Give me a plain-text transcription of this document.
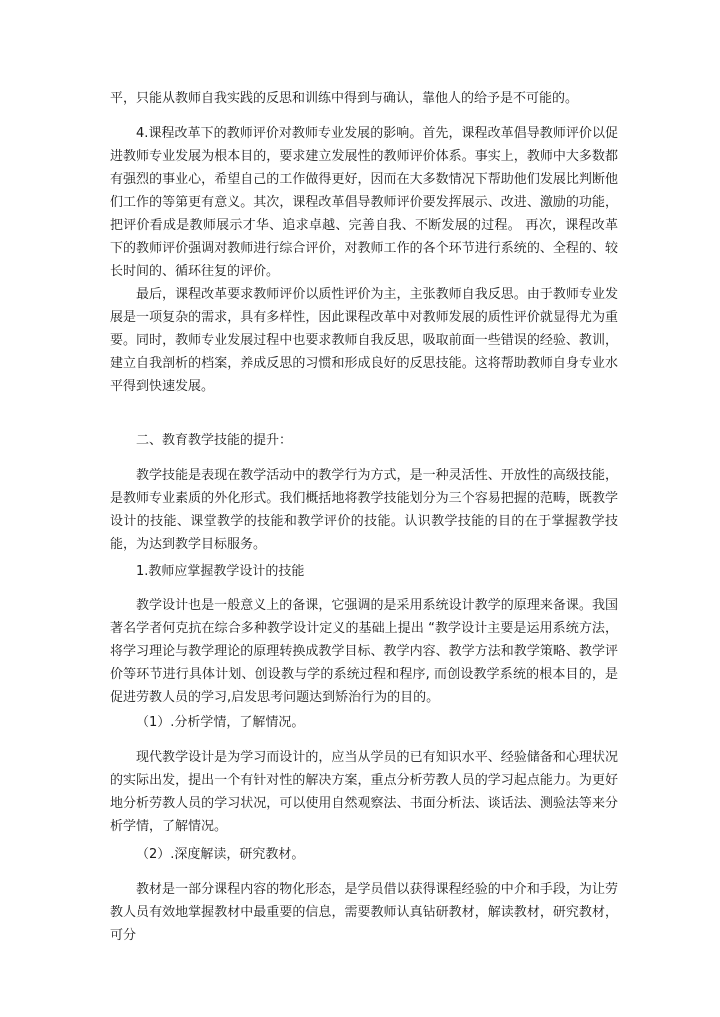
平，只能从教师自我实践的反思和训练中得到与确认，靠他人的给予是不可能的。

4.课程改革下的教师评价对教师专业发展的影响。首先，课程改革倡导教师评价以促进教师专业发展为根本目的，要求建立发展性的教师评价体系。事实上，教师中大多数都有强烈的事业心，希望自己的工作做得更好，因而在大多数情况下帮助他们发展比判断他们工作的等第更有意义。其次，课程改革倡导教师评价要发挥展示、改进、激励的功能，把评价看成是教师展示才华、追求卓越、完善自我、不断发展的过程。 再次，课程改革下的教师评价强调对教师进行综合评价，对教师工作的各个环节进行系统的、全程的、较长时间的、循环往复的评价。

最后，课程改革要求教师评价以质性评价为主，主张教师自我反思。由于教师专业发展是一项复杂的需求，具有多样性，因此课程改革中对教师发展的质性评价就显得尤为重要。同时，教师专业发展过程中也要求教师自我反思，吸取前面一些错误的经验、教训，建立自我剖析的档案，养成反思的习惯和形成良好的反思技能。这将帮助教师自身专业水平得到快速发展。

二、教育教学技能的提升：

教学技能是表现在教学活动中的教学行为方式，是一种灵活性、开放性的高级技能，是教师专业素质的外化形式。我们概括地将教学技能划分为三个容易把握的范畴，既教学设计的技能、课堂教学的技能和教学评价的技能。认识教学技能的目的在于掌握教学技能，为达到教学目标服务。

1.教师应掌握教学设计的技能

教学设计也是一般意义上的备课，它强调的是采用系统设计教学的原理来备课。我国著名学者何克抗在综合多种教学设计定义的基础上提出 “教学设计主要是运用系统方法，将学习理论与教学理论的原理转换成教学目标、教学内容、教学方法和教学策略、教学评价等环节进行具体计划、创设教与学的系统过程和程序, 而创设教学系统的根本目的，是促进劳教人员的学习,启发思考问题达到矫治行为的目的。

（1）.分析学情，了解情况。

现代教学设计是为学习而设计的，应当从学员的已有知识水平、经验储备和心理状况的实际出发，提出一个有针对性的解决方案，重点分析劳教人员的学习起点能力。为更好地分析劳教人员的学习状况，可以使用自然观察法、书面分析法、谈话法、测验法等来分析学情，了解情况。

（2）.深度解读，研究教材。

教材是一部分课程内容的物化形态，是学员借以获得课程经验的中介和手段，为让劳教人员有效地掌握教材中最重要的信息，需要教师认真钻研教材，解读教材，研究教材，可分
